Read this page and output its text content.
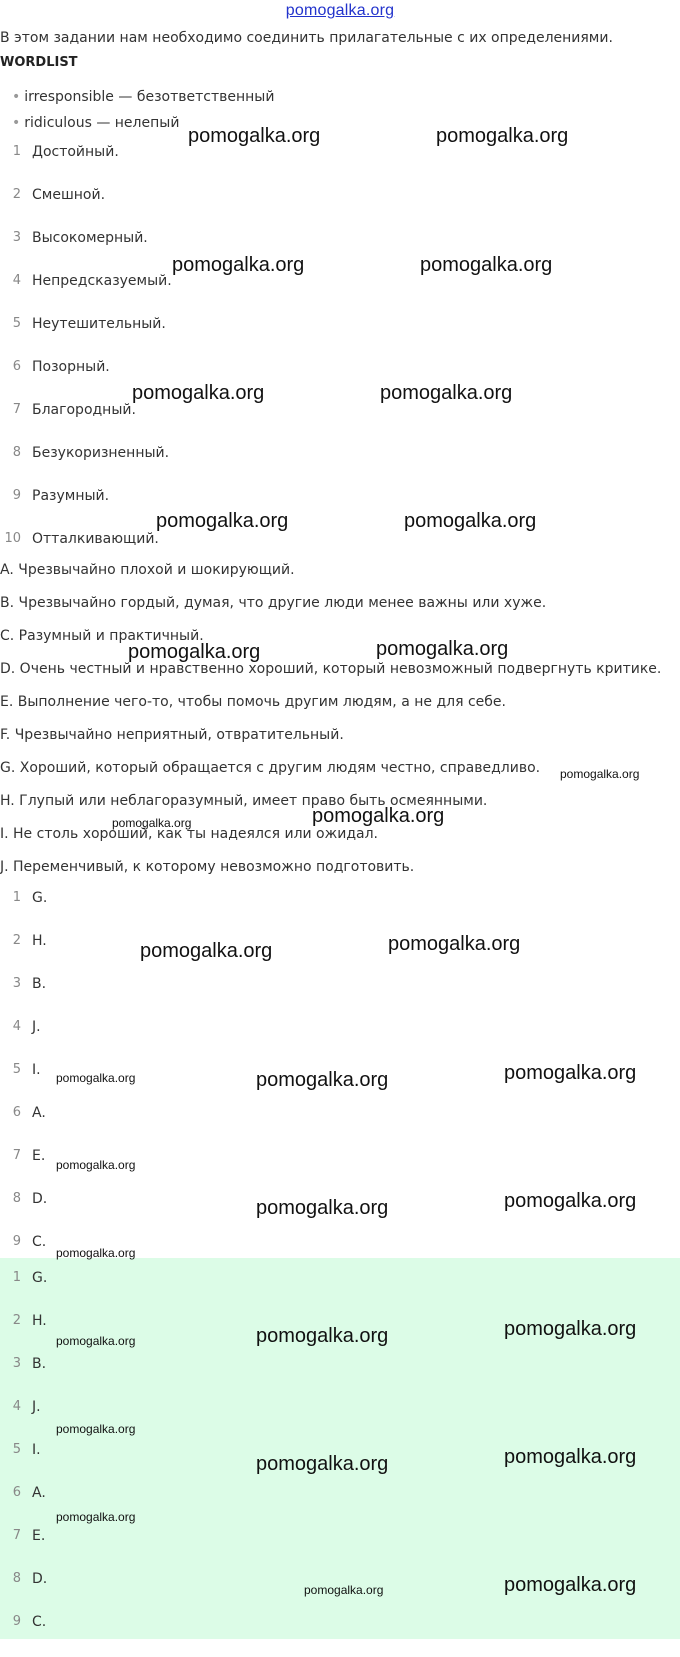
pomogalka.org
В этом задании нам необходимо соединить прилагательные с их определениями.
WORDLIST
• irresponsible — безответственный
• ridiculous — нелепый
1 Достойный.
2 Смешной.
3 Высокомерный.
4 Непредсказуемый.
5 Неутешительный.
6 Позорный.
7 Благородный.
8 Безукоризненный.
9 Разумный.
10 Отталкивающий.
A. Чрезвычайно плохой и шокирующий.
B. Чрезвычайно гордый, думая, что другие люди менее важны или хуже.
C. Разумный и практичный.
D. Очень честный и нравственно хороший, который невозможный подвергнуть критике.
E. Выполнение чего-то, чтобы помочь другим людям, а не для себе.
F. Чрезвычайно неприятный, отвратительный.
G. Хороший, который обращается с другим людям честно, справедливо.
H. Глупый или неблагоразумный, имеет право быть осмеянными.
I. Не столь хороший, как ты надеялся или ожидал.
J. Переменчивый, к которому невозможно подготовить.
1 G.
2 H.
3 B.
4 J.
5 I.
6 A.
7 E.
8 D.
9 C.
1 G.
2 H.
3 B.
4 J.
5 I.
6 A.
7 E.
8 D.
9 C.
pomogalka.org	pomogalka.org
pomogalka.org	pomogalka.org
pomogalka.org	pomogalka.org
pomogalka.org	pomogalka.org
pomogalka.org	pomogalka.org
pomogalka.org
pomogalka.org
pomogalka.org
pomogalka.org	pomogalka.org
pomogalka.org	pomogalka.org	pomogalka.org
pomogalka.org
pomogalka.org	pomogalka.org
pomogalka.org
pomogalka.org	pomogalka.org	pomogalka.org
pomogalka.org
pomogalka.org	pomogalka.org
pomogalka.org
pomogalka.org	pomogalka.org
